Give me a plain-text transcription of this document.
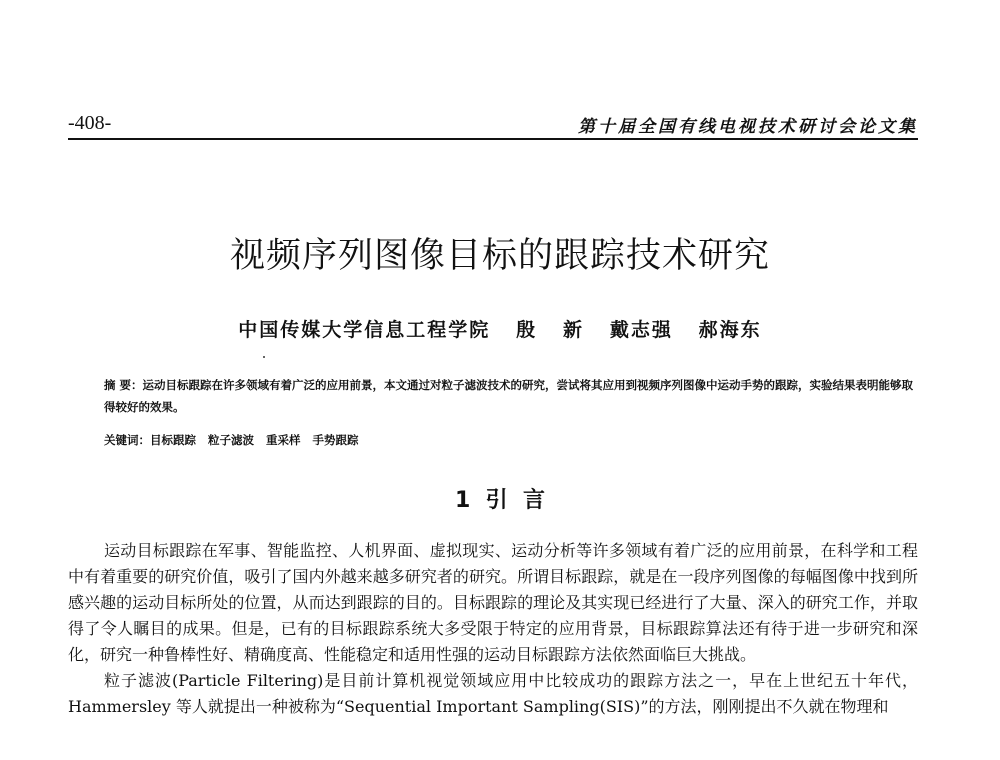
-408-	第十届全国有线电视技术研讨会论文集
视频序列图像目标的跟踪技术研究
中国传媒大学信息工程学院   殷   新   戴志强   郝海东
摘 要：运动目标跟踪在许多领域有着广泛的应用前景，本文通过对粒子滤波技术的研究，尝试将其应用到视频序列图像中运动手势的跟踪，实验结果表明能够取得较好的效果。
关键词：目标跟踪   粒子滤波   重采样   手势跟踪
1  引  言

运动目标跟踪在军事、智能监控、人机界面、虚拟现实、运动分析等许多领域有着广泛的应用前景，在科学和工程中有着重要的研究价值，吸引了国内外越来越多研究者的研究。所谓目标跟踪，就是在一段序列图像的每幅图像中找到所感兴趣的运动目标所处的位置，从而达到跟踪的目的。目标跟踪的理论及其实现已经进行了大量、深入的研究工作，并取得了令人瞩目的成果。但是，已有的目标跟踪系统大多受限于特定的应用背景，目标跟踪算法还有待于进一步研究和深化，研究一种鲁棒性好、精确度高、性能稳定和适用性强的运动目标跟踪方法依然面临巨大挑战。

粒子滤波(Particle Filtering)是目前计算机视觉领域应用中比较成功的跟踪方法之一，早在上世纪五十年代，Hammersley 等人就提出一种被称为“Sequential Important Sampling(SIS)”的方法，刚刚提出不久就在物理和
